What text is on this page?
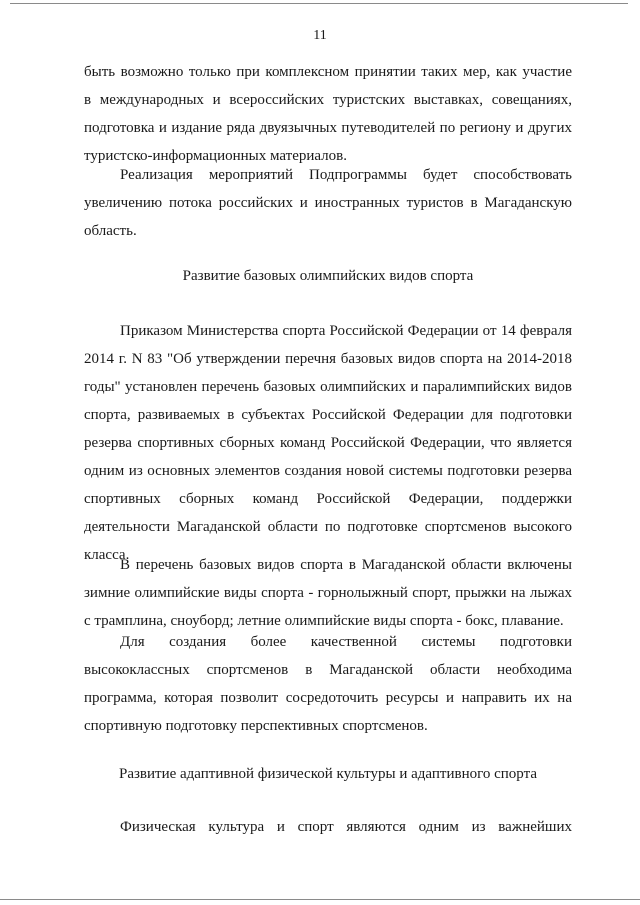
11
быть возможно только при комплексном принятии таких мер, как участие
в международных и всероссийских туристских выставках, совещаниях,
подготовка и издание ряда двуязычных путеводителей по региону и других
туристско-информационных материалов.
Реализация мероприятий Подпрограммы будет способствовать
увеличению потока российских и иностранных туристов в Магаданскую
область.
Развитие базовых олимпийских видов спорта
Приказом Министерства спорта Российской Федерации от 14 февраля
2014 г. N 83 "Об утверждении перечня базовых видов спорта на 2014-2018
годы" установлен перечень базовых олимпийских и паралимпийских видов
спорта, развиваемых в субъектах Российской Федерации для подготовки
резерва спортивных сборных команд Российской Федерации, что является
одним из основных элементов создания новой системы подготовки резерва
спортивных сборных команд Российской Федерации, поддержки
деятельности Магаданской области по подготовке спортсменов высокого
класса.
В перечень базовых видов спорта в Магаданской области включены
зимние олимпийские виды спорта - горнолыжный спорт, прыжки на лыжах
с трамплина, сноуборд; летние олимпийские виды спорта - бокс, плавание.
Для создания более качественной системы подготовки
высококлассных спортсменов в Магаданской области необходима
программа, которая позволит сосредоточить ресурсы и направить их на
спортивную подготовку перспективных спортсменов.
Развитие адаптивной физической культуры и адаптивного спорта
Физическая культура и спорт являются одним из важнейших
